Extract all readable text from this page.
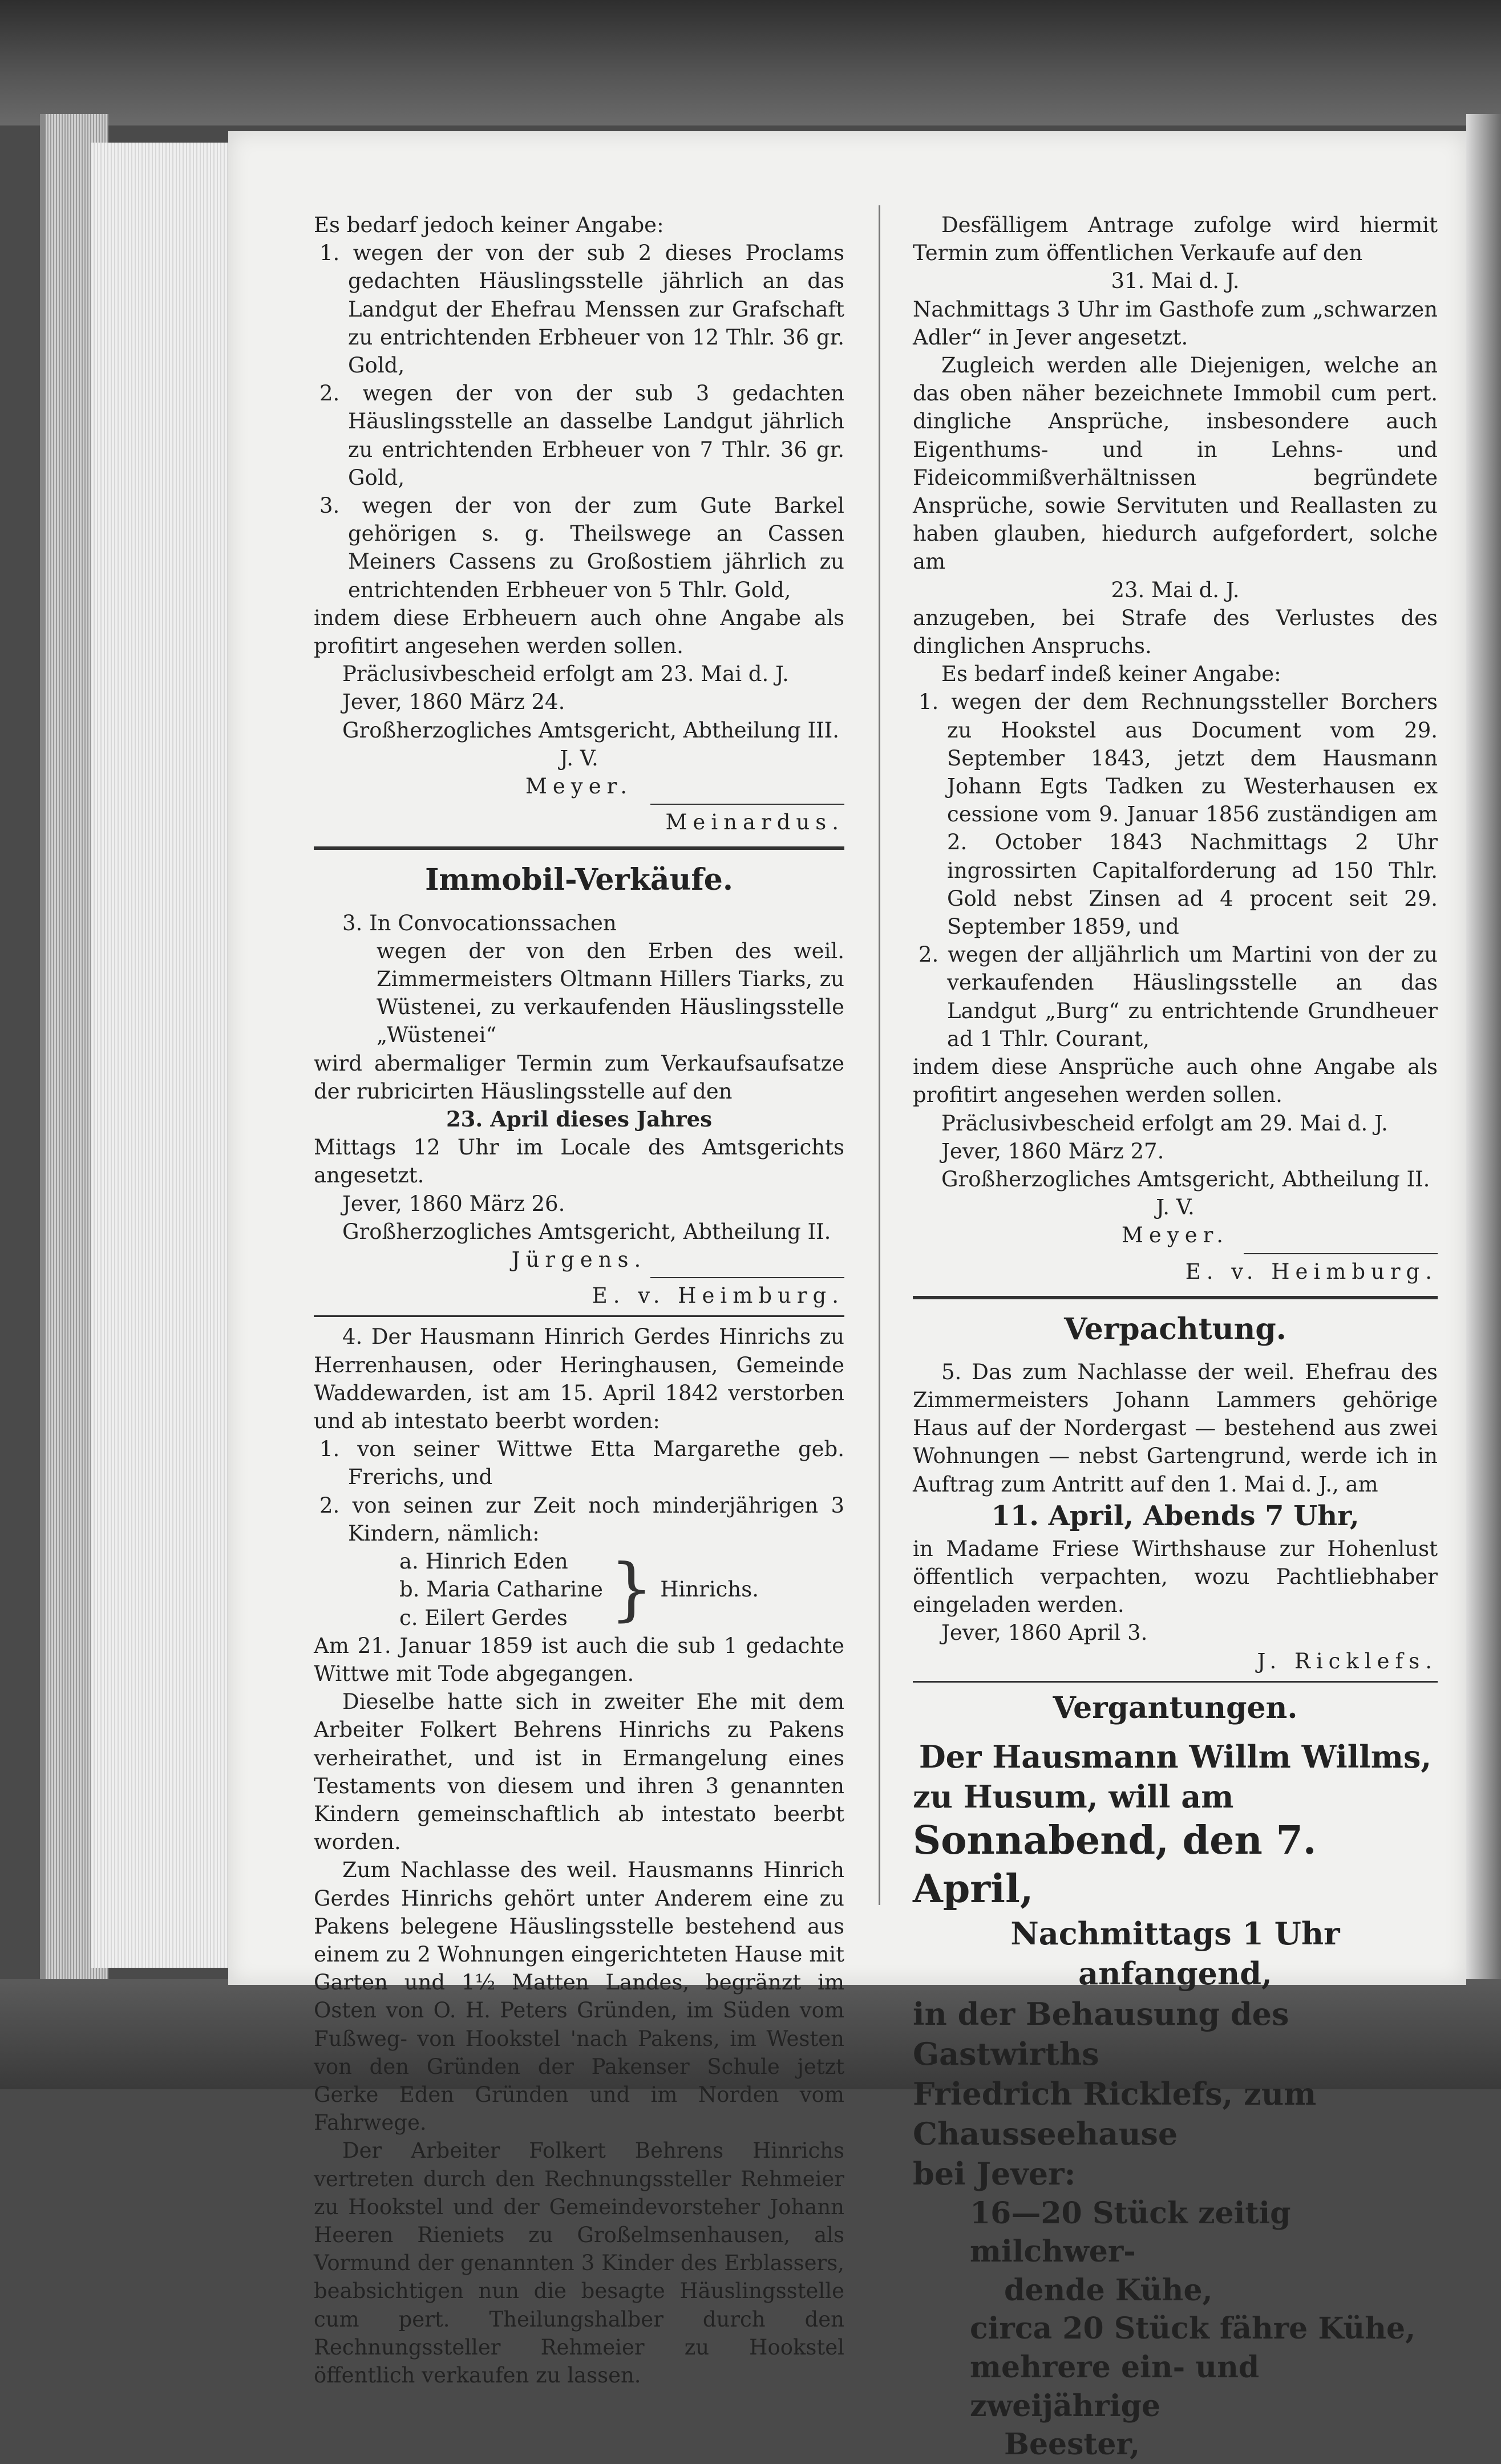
Es bedarf jedoch keiner Angabe:

1. wegen der von der sub 2 dieses Proclams gedachten Häuslingsstelle jährlich an das Landgut der Ehefrau Menssen zur Grafschaft zu entrichtenden Erbheuer von 12 Thlr. 36 gr. Gold,

2. wegen der von der sub 3 gedachten Häuslingsstelle an dasselbe Landgut jährlich zu entrichtenden Erbheuer von 7 Thlr. 36 gr. Gold,

3. wegen der von der zum Gute Barkel gehörigen s. g. Theilswege an Cassen Meiners Cassens zu Großostiem jährlich zu entrichtenden Erbheuer von 5 Thlr. Gold,

indem diese Erbheuern auch ohne Angabe als profitirt angesehen werden sollen.

Präclusivbescheid erfolgt am 23. Mai d. J.

Jever, 1860 März 24.

Großherzogliches Amtsgericht, Abtheilung III.

J. V.

Meyer.

Meinardus.

Immobil-Verkäufe.

3. In Convocationssachen

wegen der von den Erben des weil. Zimmermeisters Oltmann Hillers Tiarks, zu Wüstenei, zu verkaufenden Häuslingsstelle „Wüstenei“

wird abermaliger Termin zum Verkaufsaufsatze der rubricirten Häuslingsstelle auf den

23. April dieses Jahres

Mittags 12 Uhr im Locale des Amtsgerichts angesetzt.

Jever, 1860 März 26.

Großherzogliches Amtsgericht, Abtheilung II.

Jürgens.

E. v. Heimburg.

4. Der Hausmann Hinrich Gerdes Hinrichs zu Herrenhausen, oder Heringhausen, Gemeinde Waddewarden, ist am 15. April 1842 verstorben und ab intestato beerbt worden:

1. von seiner Wittwe Etta Margarethe geb. Frerichs, und

2. von seinen zur Zeit noch minderjährigen 3 Kindern, nämlich:

a. Hinrich Eden
b. Maria Catharine
c. Eilert Gerdes } Hinrichs.

Am 21. Januar 1859 ist auch die sub 1 gedachte Wittwe mit Tode abgegangen.

Dieselbe hatte sich in zweiter Ehe mit dem Arbeiter Folkert Behrens Hinrichs zu Pakens verheirathet, und ist in Ermangelung eines Testaments von diesem und ihren 3 genannten Kindern gemeinschaftlich ab intestato beerbt worden.

Zum Nachlasse des weil. Hausmanns Hinrich Gerdes Hinrichs gehört unter Anderem eine zu Pakens belegene Häuslingsstelle bestehend aus einem zu 2 Wohnungen eingerichteten Hause mit Garten und 1½ Matten Landes, begränzt im Osten von O. H. Peters Gründen, im Süden vom Fußweg- von Hookstel 'nach Pakens, im Westen von den Gründen der Pakenser Schule jetzt Gerke Eden Gründen und im Norden vom Fahrwege.

Der Arbeiter Folkert Behrens Hinrichs vertreten durch den Rechnungssteller Rehmeier zu Hookstel und der Gemeindevorsteher Johann Heeren Rieniets zu Großelmsenhausen, als Vormund der genannten 3 Kinder des Erblassers, beabsichtigen nun die besagte Häuslingsstelle cum pert. Theilungshalber durch den Rechnungssteller Rehmeier zu Hookstel öffentlich verkaufen zu lassen.

Desfälligem Antrage zufolge wird hiermit Termin zum öffentlichen Verkaufe auf den

31. Mai d. J.

Nachmittags 3 Uhr im Gasthofe zum „schwarzen Adler“ in Jever angesetzt.

Zugleich werden alle Diejenigen, welche an das oben näher bezeichnete Immobil cum pert. dingliche Ansprüche, insbesondere auch Eigenthums- und in Lehns- und Fideicommißverhältnissen begründete Ansprüche, sowie Servituten und Reallasten zu haben glauben, hiedurch aufgefordert, solche am

23. Mai d. J.

anzugeben, bei Strafe des Verlustes des dinglichen Anspruchs.

Es bedarf indeß keiner Angabe:

1. wegen der dem Rechnungssteller Borchers zu Hookstel aus Document vom 29. September 1843, jetzt dem Hausmann Johann Egts Tadken zu Westerhausen ex cessione vom 9. Januar 1856 zuständigen am 2. October 1843 Nachmittags 2 Uhr ingrossirten Capitalforderung ad 150 Thlr. Gold nebst Zinsen ad 4 procent seit 29. September 1859, und

2. wegen der alljährlich um Martini von der zu verkaufenden Häuslingsstelle an das Landgut „Burg“ zu entrichtende Grundheuer ad 1 Thlr. Courant,

indem diese Ansprüche auch ohne Angabe als profitirt angesehen werden sollen.

Präclusivbescheid erfolgt am 29. Mai d. J.

Jever, 1860 März 27.

Großherzogliches Amtsgericht, Abtheilung II.

J. V.

Meyer.

E. v. Heimburg.

Verpachtung.

5. Das zum Nachlasse der weil. Ehefrau des Zimmermeisters Johann Lammers gehörige Haus auf der Nordergast — bestehend aus zwei Wohnungen — nebst Gartengrund, werde ich in Auftrag zum Antritt auf den 1. Mai d. J., am

11. April, Abends 7 Uhr,

in Madame Friese Wirthshause zur Hohenlust öffentlich verpachten, wozu Pachtliebhaber eingeladen werden.

Jever, 1860 April 3.

J. Ricklefs.

Vergantungen.

Der Hausmann Willm Willms,

zu Husum, will am

Sonnabend, den 7. April,

Nachmittags 1 Uhr anfangend,

in der Behausung des Gastwirths

Friedrich Ricklefs, zum Chausseehause

bei Jever:

16—20 Stück zeitig milchwer-

dende Kühe,

circa 20 Stück fähre Kühe,

mehrere ein- und zweijährige

Beester,
